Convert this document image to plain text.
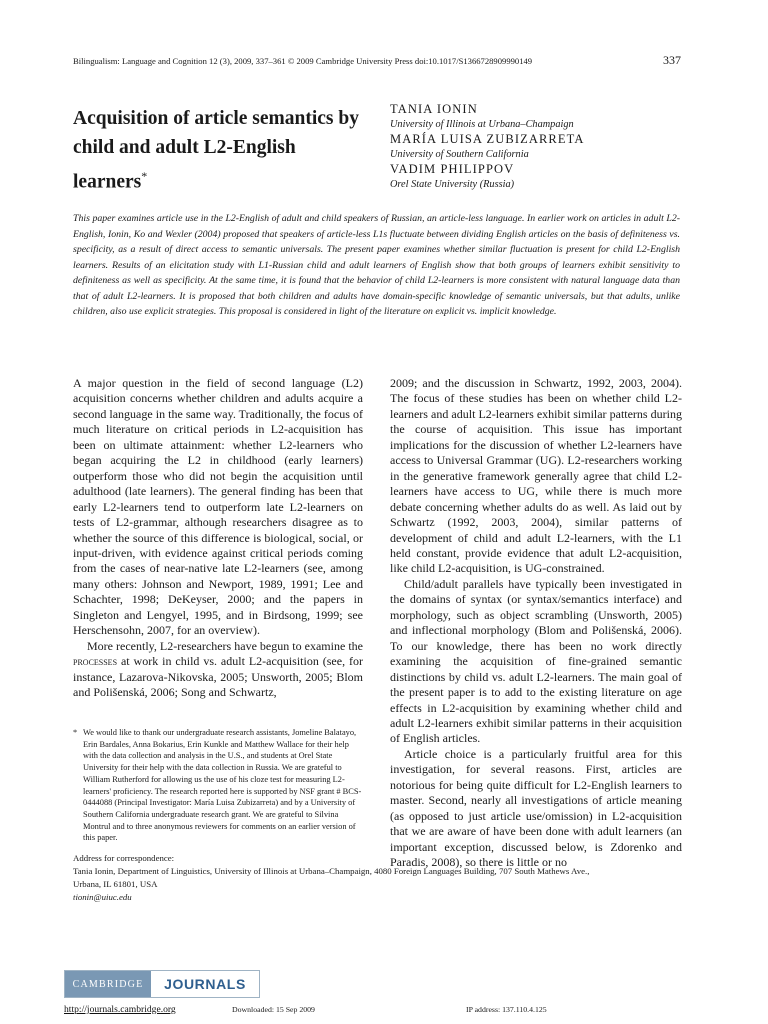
Bilingualism: Language and Cognition 12 (3), 2009, 337–361 © 2009 Cambridge University Press doi:10.1017/S1366728909990149	337
Acquisition of article semantics by child and adult L2-English learners*
TANIA IONIN
University of Illinois at Urbana–Champaign
MARÍA LUISA ZUBIZARRETA
University of Southern California
VADIM PHILIPPOV
Orel State University (Russia)
This paper examines article use in the L2-English of adult and child speakers of Russian, an article-less language. In earlier work on articles in adult L2-English, Ionin, Ko and Wexler (2004) proposed that speakers of article-less L1s fluctuate between dividing English articles on the basis of definiteness vs. specificity, as a result of direct access to semantic universals. The present paper examines whether similar fluctuation is present for child L2-English learners. Results of an elicitation study with L1-Russian child and adult learners of English show that both groups of learners exhibit sensitivity to definiteness as well as specificity. At the same time, it is found that the behavior of child L2-learners is more consistent with natural language data than that of adult L2-learners. It is proposed that both children and adults have domain-specific knowledge of semantic universals, but that adults, unlike children, also use explicit strategies. This proposal is considered in light of the literature on explicit vs. implicit knowledge.

A major question in the field of second language (L2) acquisition concerns whether children and adults acquire a second language in the same way. Traditionally, the focus of much literature on critical periods in L2-acquisition has been on ultimate attainment: whether L2-learners who began acquiring the L2 in childhood (early learners) outperform those who did not begin the acquisition until adulthood (late learners). The general finding has been that early L2-learners tend to outperform late L2-learners on tests of L2-grammar, although researchers disagree as to whether the source of this difference is biological, social, or input-driven, with evidence against critical periods coming from the cases of near-native late L2-learners (see, among many others: Johnson and Newport, 1989, 1991; Lee and Schachter, 1998; DeKeyser, 2000; and the papers in Singleton and Lengyel, 1995, and in Birdsong, 1999; see Herschensohn, 2007, for an overview).

More recently, L2-researchers have begun to examine the processes at work in child vs. adult L2-acquisition (see, for instance, Lazarova-Nikovska, 2005; Unsworth, 2005; Blom and Polišenská, 2006; Song and Schwartz,

2009; and the discussion in Schwartz, 1992, 2003, 2004). The focus of these studies has been on whether child L2-learners and adult L2-learners exhibit similar patterns during the course of acquisition. This issue has important implications for the discussion of whether L2-learners have access to Universal Grammar (UG). L2-researchers working in the generative framework generally agree that child L2-learners have access to UG, while there is much more debate concerning whether adults do as well. As laid out by Schwartz (1992, 2003, 2004), similar patterns of development of child and adult L2-learners, with the L1 held constant, provide evidence that adult L2-acquisition, like child L2-acquisition, is UG-constrained.

Child/adult parallels have typically been investigated in the domains of syntax (or syntax/semantics interface) and morphology, such as object scrambling (Unsworth, 2005) and inflectional morphology (Blom and Polišenská, 2006). To our knowledge, there has been no work directly examining the acquisition of fine-grained semantic distinctions by child vs. adult L2-learners. The main goal of the present paper is to add to the existing literature on age effects in L2-acquisition by examining whether child and adult L2-learners exhibit similar patterns in their acquisition of English articles.

Article choice is a particularly fruitful area for this investigation, for several reasons. First, articles are notorious for being quite difficult for L2-English learners to master. Second, nearly all investigations of article meaning (as opposed to just article use/omission) in L2-acquisition that we are aware of have been done with adult learners (an important exception, discussed below, is Zdorenko and Paradis, 2008), so there is little or no

* We would like to thank our undergraduate research assistants, Jomeline Balatayo, Erin Bardales, Anna Bokarius, Erin Kunkle and Matthew Wallace for their help with the data collection and analysis in the U.S., and students at Orel State University for their help with the data collection in Russia. We are grateful to William Rutherford for allowing us the use of his cloze test for measuring L2-learners' proficiency. The research reported here is supported by NSF grant # BCS-0444088 (Principal Investigator: María Luisa Zubizarreta) and by a University of Southern California undergraduate research grant. We are grateful to Silvina Montrul and to three anonymous reviewers for comments on an earlier version of this paper.
Address for correspondence:
Tania Ionin, Department of Linguistics, University of Illinois at Urbana–Champaign, 4080 Foreign Languages Building, 707 South Mathews Ave.,
Urbana, IL 61801, USA
tionin@uiuc.edu
CAMBRIDGE	JOURNALS
http://journals.cambridge.org	Downloaded: 15 Sep 2009	IP address: 137.110.4.125
